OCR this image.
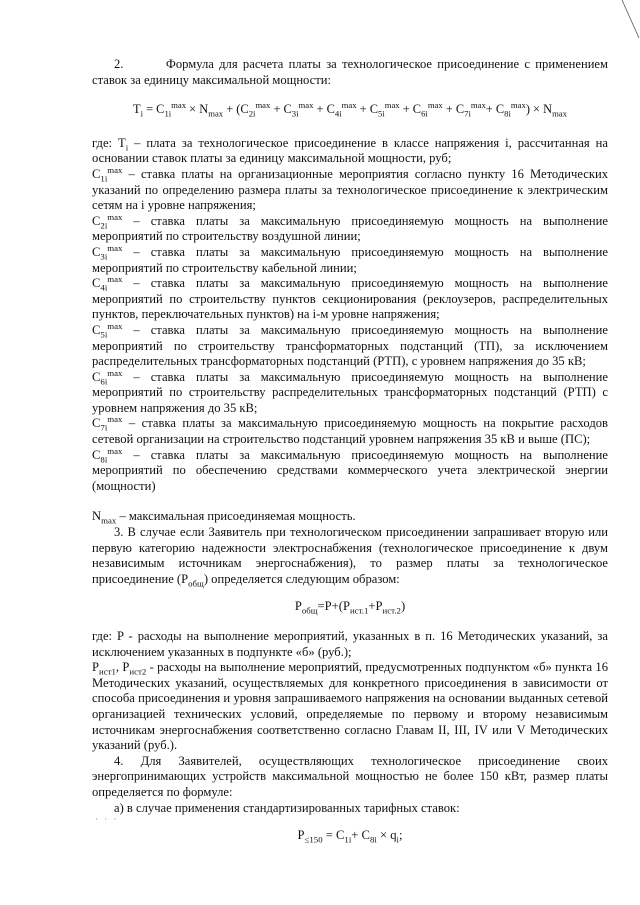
2.        Формула для расчета платы за технологическое присоединение с применением ставок за единицу максимальной мощности:

$T_i = C_{1i}^{max} \times N_{max} + (C_{2i}^{max} + C_{3i}^{max} + C_{4i}^{max} + C_{5i}^{max} + C_{6i}^{max} + C_{7i}^{max}+ C_{8i}^{max}) \times N_{max}$

где: $T_i$ – плата за технологическое присоединение в классе напряжения i, рассчитанная на основании ставок платы за единицу максимальной мощности, руб;

$C_{1i}^{max}$ – ставка платы на организационные мероприятия согласно пункту 16 Методических указаний по определению размера платы за технологическое присоединение к электрическим сетям на i уровне напряжения;

$C_{2i}^{max}$ – ставка платы за максимальную присоединяемую мощность на выполнение мероприятий по строительству воздушной линии;

$C_{3i}^{max}$ – ставка платы за максимальную присоединяемую мощность на выполнение мероприятий по строительству кабельной линии;

$C_{4i}^{max}$ – ставка платы за максимальную присоединяемую мощность на выполнение мероприятий по строительству пунктов секционирования (реклоузеров, распределительных пунктов, переключательных пунктов) на i-м уровне напряжения;

$C_{5i}^{max}$ – ставка платы за максимальную присоединяемую мощность на выполнение мероприятий по строительству трансформаторных подстанций (ТП), за исключением распределительных трансформаторных подстанций (РТП), с уровнем напряжения до 35 кВ;

$C_{6i}^{max}$ – ставка платы за максимальную присоединяемую мощность на выполнение мероприятий по строительству распределительных трансформаторных подстанций (РТП) с уровнем напряжения до 35 кВ;

$C_{7i}^{max}$ – ставка платы за максимальную присоединяемую мощность на покрытие расходов сетевой организации на строительство подстанций уровнем напряжения 35 кВ и выше (ПС);

$C_{8i}^{max}$ – ставка платы за максимальную присоединяемую мощность на выполнение мероприятий по обеспечению средствами коммерческого учета электрической энергии (мощности)

$N_{max}$ – максимальная присоединяемая мощность.

3. В случае если Заявитель при технологическом присоединении запрашивает вторую или первую категорию надежности электроснабжения (технологическое присоединение к двум независимым источникам энергоснабжения), то размер платы за технологическое присоединение $(P_{общ})$ определяется следующим образом:

$P_{общ}=P+(P_{ист.1}+P_{ист.2})$

где: P - расходы на выполнение мероприятий, указанных в п. 16 Методических указаний, за исключением указанных в подпункте «б» (руб.);

$P_{ист1}$, $P_{ист2}$ - расходы на выполнение мероприятий, предусмотренных подпунктом «б» пункта 16 Методических указаний, осуществляемых для конкретного присоединения в зависимости от способа присоединения и уровня запрашиваемого напряжения на основании выданных сетевой организацией технических условий, определяемые по первому и второму независимым источникам энергоснабжения соответственно согласно Главам II, III, IV или V Методических указаний (руб.).

4. Для Заявителей, осуществляющих технологическое присоединение своих энергопринимающих устройств максимальной мощностью не более 150 кВт, размер платы определяется по формуле:

а) в случае применения стандартизированных тарифных ставок:

$P_{\le 150} = C_{1i}+ C_{8i} \times q_i$;

· · ·
